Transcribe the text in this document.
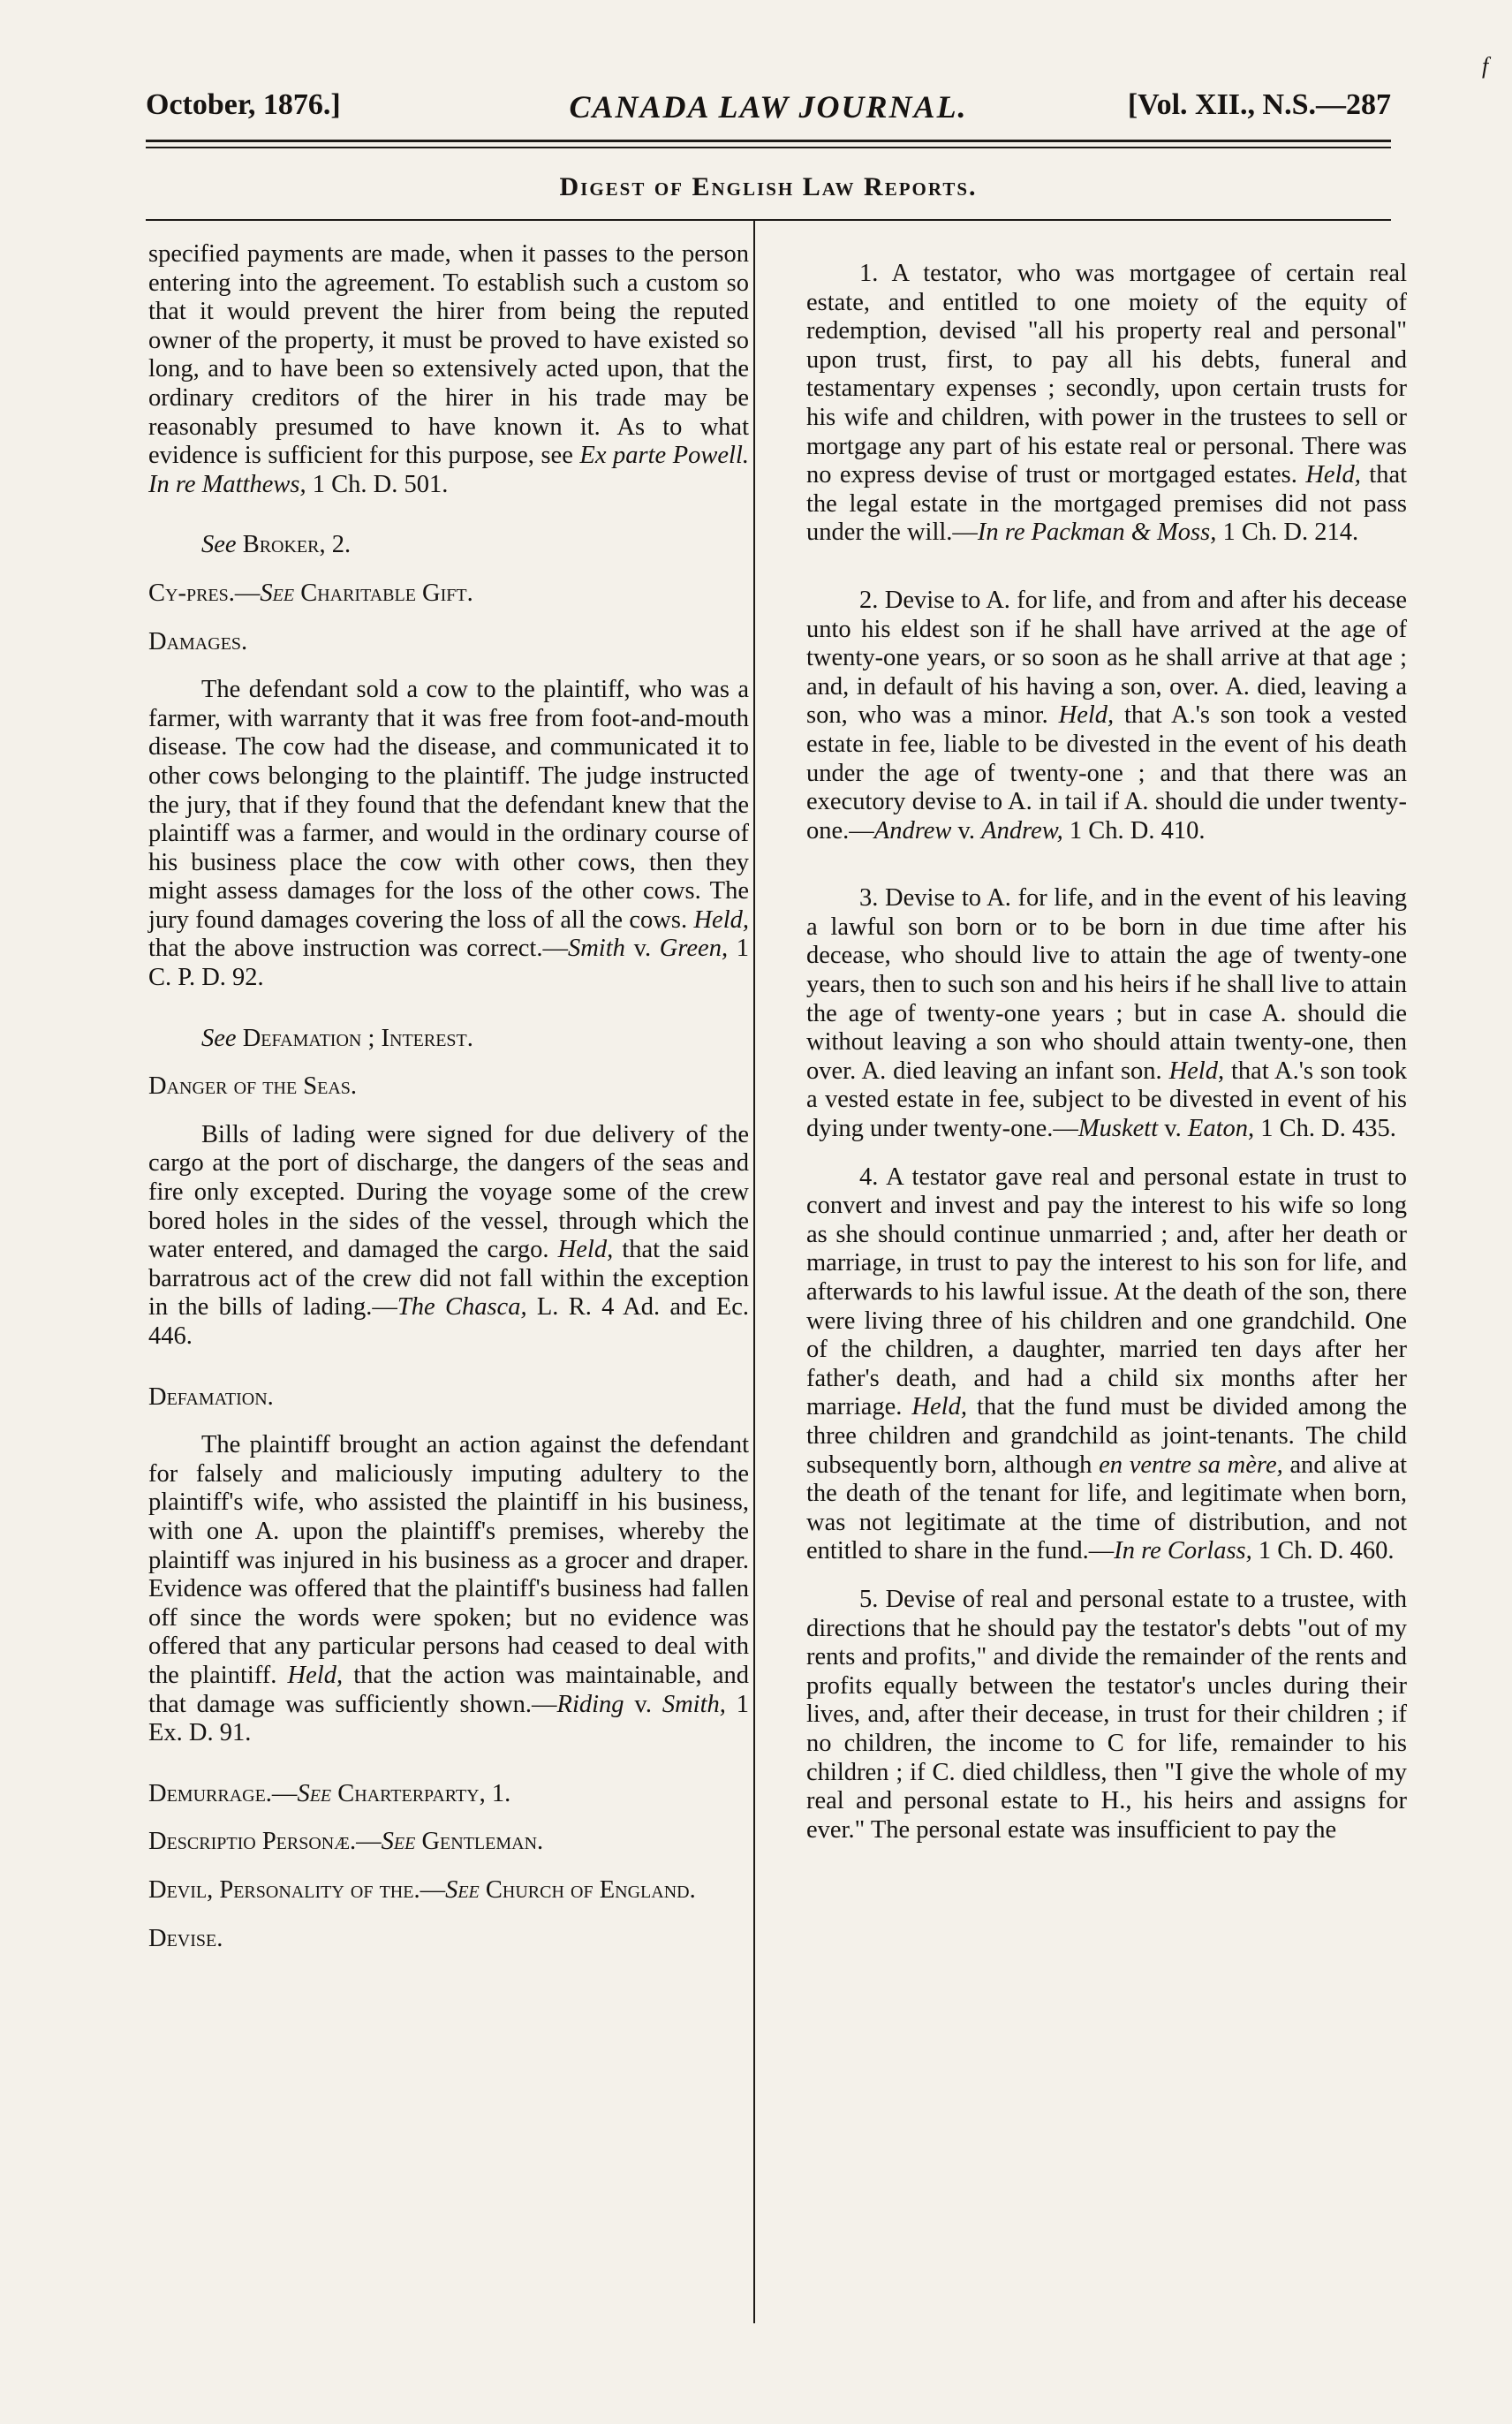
f
October, 1876.]	CANADA LAW JOURNAL.	[Vol. XII., N.S.—287
Digest of English Law Reports.

specified payments are made, when it passes to the person entering into the agreement. To establish such a custom so that it would prevent the hirer from being the reputed owner of the property, it must be proved to have existed so long, and to have been so extensively acted upon, that the ordinary creditors of the hirer in his trade may be reasonably presumed to have known it. As to what evidence is sufficient for this purpose, see Ex parte Powell. In re Matthews, 1 Ch. D. 501.

See Broker, 2.

Cy-pres.—See Charitable Gift.

Damages.

The defendant sold a cow to the plaintiff, who was a farmer, with warranty that it was free from foot-and-mouth disease. The cow had the disease, and communicated it to other cows belonging to the plaintiff. The judge instructed the jury, that if they found that the defendant knew that the plaintiff was a farmer, and would in the ordinary course of his business place the cow with other cows, then they might assess damages for the loss of the other cows. The jury found damages covering the loss of all the cows. Held, that the above instruction was correct.—Smith v. Green, 1 C. P. D. 92.

See Defamation ; Interest.

Danger of the Seas.

Bills of lading were signed for due delivery of the cargo at the port of discharge, the dangers of the seas and fire only excepted. During the voyage some of the crew bored holes in the sides of the vessel, through which the water entered, and damaged the cargo. Held, that the said barratrous act of the crew did not fall within the exception in the bills of lading.—The Chasca, L. R. 4 Ad. and Ec. 446.

Defamation.

The plaintiff brought an action against the defendant for falsely and maliciously imputing adultery to the plaintiff's wife, who assisted the plaintiff in his business, with one A. upon the plaintiff's premises, whereby the plaintiff was injured in his business as a grocer and draper. Evidence was offered that the plaintiff's business had fallen off since the words were spoken; but no evidence was offered that any particular persons had ceased to deal with the plaintiff. Held, that the action was maintainable, and that damage was sufficiently shown.—Riding v. Smith, 1 Ex. D. 91.

Demurrage.—See Charterparty, 1.

Descriptio Personæ.—See Gentleman.

Devil, Personality of the.—See Church of England.

Devise.

1. A testator, who was mortgagee of certain real estate, and entitled to one moiety of the equity of redemption, devised "all his property real and personal" upon trust, first, to pay all his debts, funeral and testamentary expenses ; secondly, upon certain trusts for his wife and children, with power in the trustees to sell or mortgage any part of his estate real or personal. There was no express devise of trust or mortgaged estates. Held, that the legal estate in the mortgaged premises did not pass under the will.—In re Packman & Moss, 1 Ch. D. 214.

2. Devise to A. for life, and from and after his decease unto his eldest son if he shall have arrived at the age of twenty-one years, or so soon as he shall arrive at that age ; and, in default of his having a son, over. A. died, leaving a son, who was a minor. Held, that A.'s son took a vested estate in fee, liable to be divested in the event of his death under the age of twenty-one ; and that there was an executory devise to A. in tail if A. should die under twenty-one.—Andrew v. Andrew, 1 Ch. D. 410.

3. Devise to A. for life, and in the event of his leaving a lawful son born or to be born in due time after his decease, who should live to attain the age of twenty-one years, then to such son and his heirs if he shall live to attain the age of twenty-one years ; but in case A. should die without leaving a son who should attain twenty-one, then over. A. died leaving an infant son. Held, that A.'s son took a vested estate in fee, subject to be divested in event of his dying under twenty-one.—Muskett v. Eaton, 1 Ch. D. 435.

4. A testator gave real and personal estate in trust to convert and invest and pay the interest to his wife so long as she should continue unmarried ; and, after her death or marriage, in trust to pay the interest to his son for life, and afterwards to his lawful issue. At the death of the son, there were living three of his children and one grandchild. One of the children, a daughter, married ten days after her father's death, and had a child six months after her marriage. Held, that the fund must be divided among the three children and grandchild as joint-tenants. The child subsequently born, although en ventre sa mère, and alive at the death of the tenant for life, and legitimate when born, was not legitimate at the time of distribution, and not entitled to share in the fund.—In re Corlass, 1 Ch. D. 460.

5. Devise of real and personal estate to a trustee, with directions that he should pay the testator's debts "out of my rents and profits," and divide the remainder of the rents and profits equally between the testator's uncles during their lives, and, after their decease, in trust for their children ; if no children, the income to C for life, remainder to his children ; if C. died childless, then "I give the whole of my real and personal estate to H., his heirs and assigns for ever." The personal estate was insufficient to pay the
